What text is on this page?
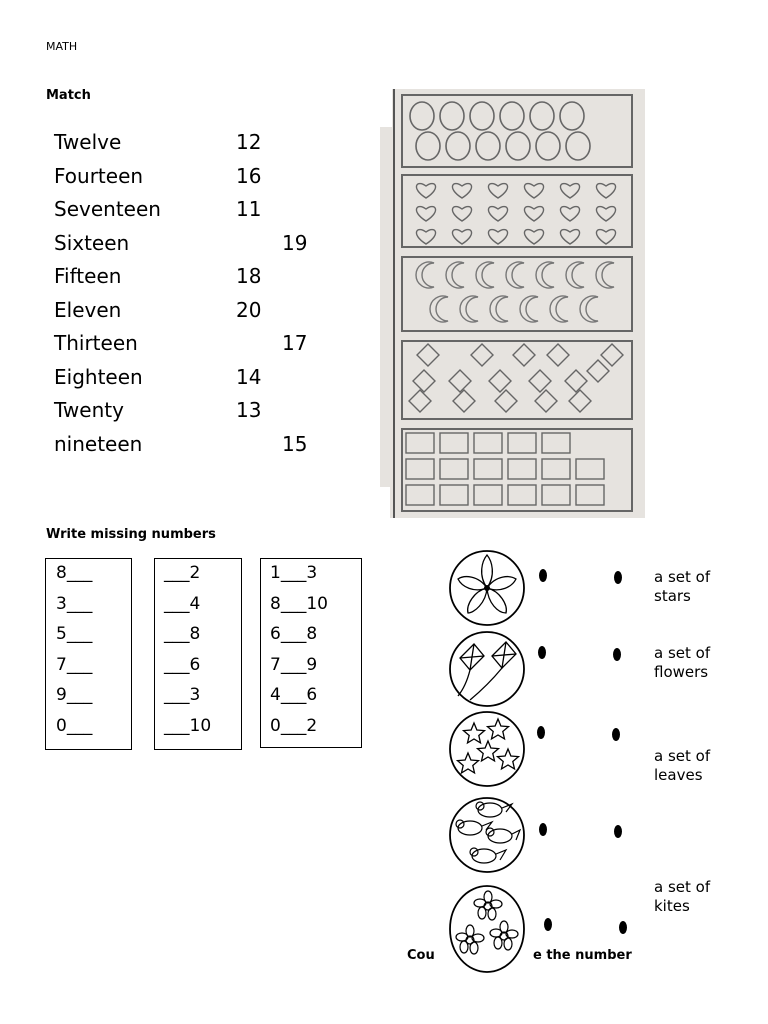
MATH
Match
Twelve
Fourteen
Seventeen
Sixteen
Fifteen
Eleven
Thirteen
Eighteen
Twenty
nineteen
12
16
11
19
18
20
17
14
13
15
Write missing numbers
8___
3___
5___
7___
9___
0___
___2
___4
___8
___6
___3
___10
1___3
8___10
6___8
7___9
4___6
0___2
a set of
stars
a set of
flowers
a set of
leaves
a set of
kites
Cou	e the number
